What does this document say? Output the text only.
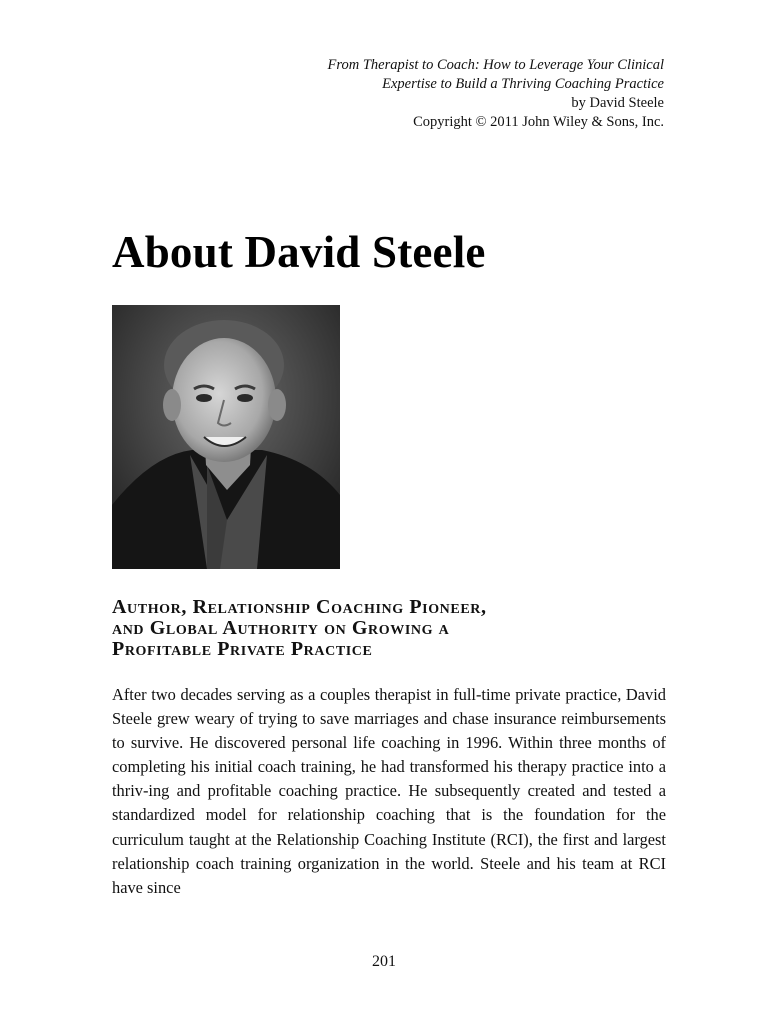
From Therapist to Coach: How to Leverage Your Clinical
Expertise to Build a Thriving Coaching Practice
by David Steele
Copyright © 2011 John Wiley & Sons, Inc.
About David Steele
Author, Relationship Coaching Pioneer,
and Global Authority on Growing a
Profitable Private Practice

After two decades serving as a couples therapist in full-time private practice, David Steele grew weary of trying to save marriages and chase insurance reimbursements to survive. He discovered personal life coaching in 1996. Within three months of completing his initial coach training, he had transformed his therapy practice into a thriv-ing and profitable coaching practice. He subsequently created and tested a standardized model for relationship coaching that is the foundation for the curriculum taught at the Relationship Coaching Institute (RCI), the first and largest relationship coach training organization in the world. Steele and his team at RCI have since

201
